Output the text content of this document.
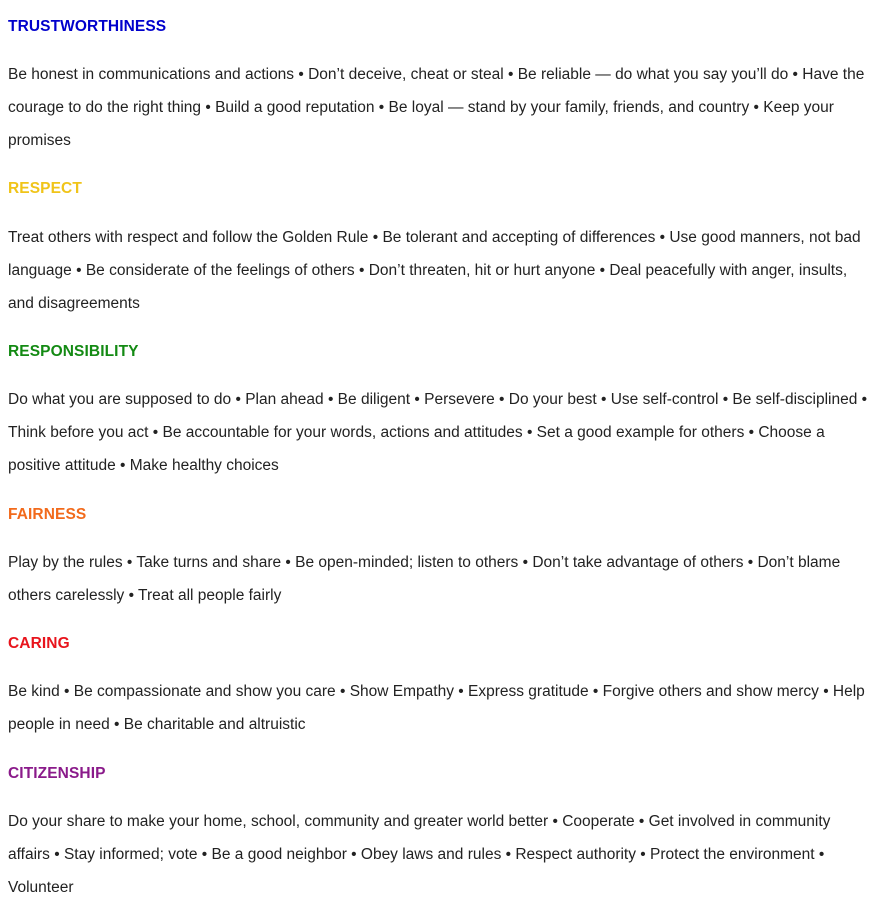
TRUSTWORTHINESS

Be honest in communications and actions • Don’t deceive, cheat or steal • Be reliable — do what you say you’ll do • Have the courage to do the right thing • Build a good reputation • Be loyal — stand by your family, friends, and country • Keep your promises

RESPECT

Treat others with respect and follow the Golden Rule • Be tolerant and accepting of differences • Use good manners, not bad language • Be considerate of the feelings of others • Don’t threaten, hit or hurt anyone • Deal peacefully with anger, insults, and disagreements

RESPONSIBILITY

Do what you are supposed to do • Plan ahead • Be diligent • Persevere • Do your best • Use self-control • Be self-disciplined • Think before you act • Be accountable for your words, actions and attitudes • Set a good example for others • Choose a positive attitude • Make healthy choices

FAIRNESS

Play by the rules • Take turns and share • Be open-minded; listen to others • Don’t take advantage of others • Don’t blame others carelessly • Treat all people fairly

CARING

Be kind • Be compassionate and show you care • Show Empathy • Express gratitude • Forgive others and show mercy • Help people in need • Be charitable and altruistic

CITIZENSHIP

Do your share to make your home, school, community and greater world better • Cooperate • Get involved in community affairs • Stay informed; vote • Be a good neighbor • Obey laws and rules • Respect authority • Protect the environment • Volunteer
